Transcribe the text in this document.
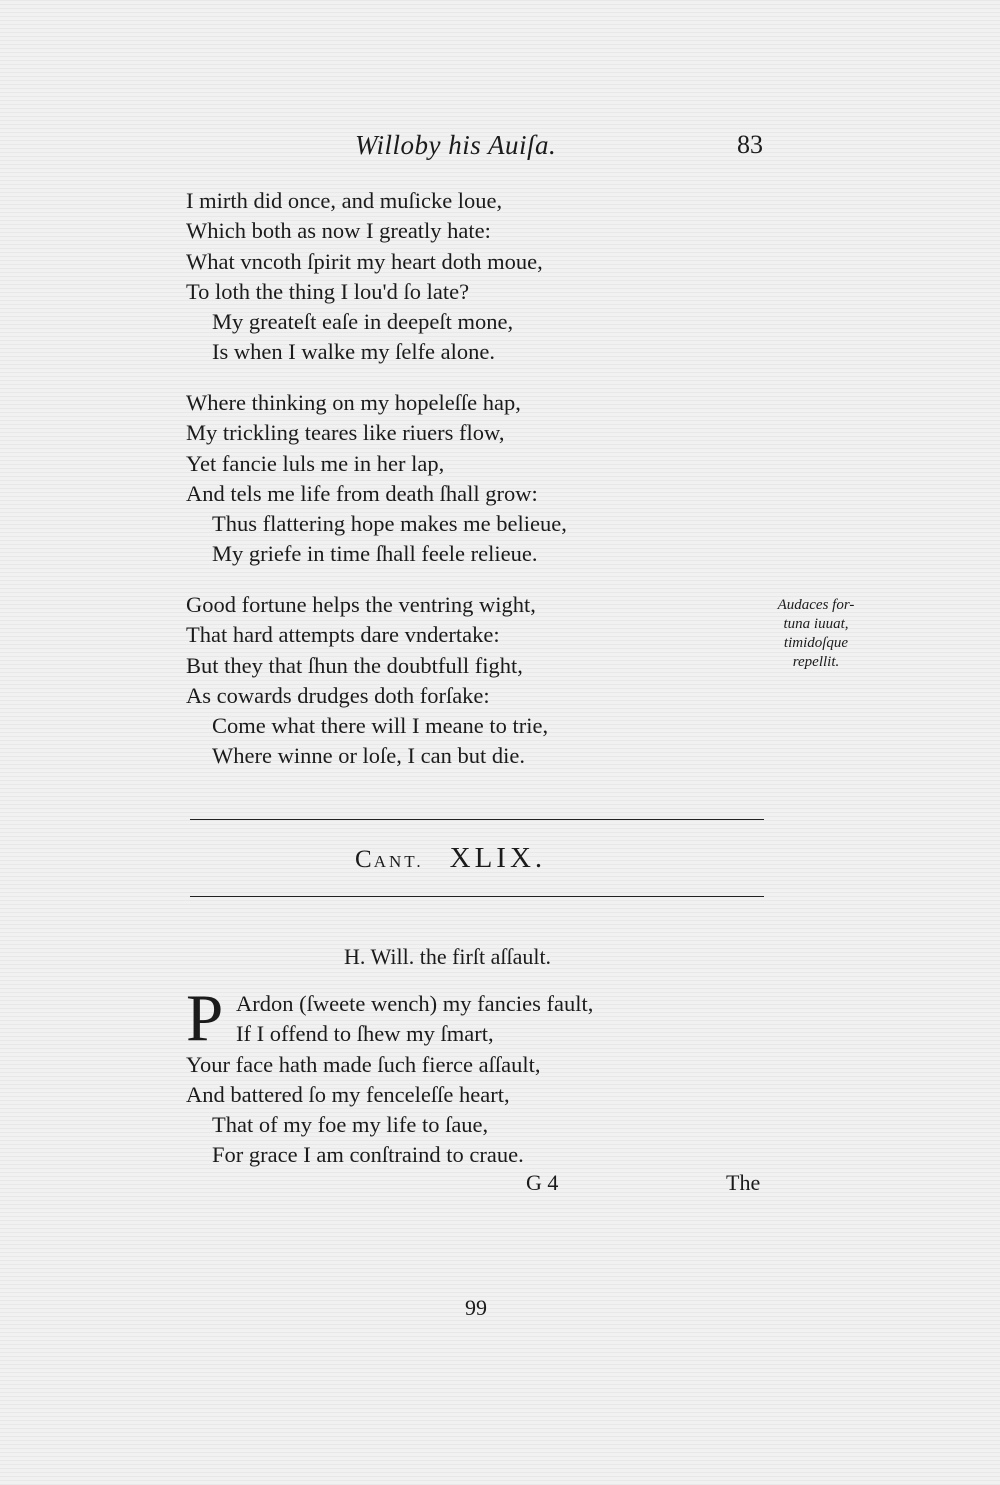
Willoby his Auiſa.	83
I mirth did once, and muſicke loue,
Which both as now I greatly hate:
What vncoth ſpirit my heart doth moue,
To loth the thing I lou'd ſo late?
My greateſt eaſe in deepeſt mone,
Is when I walke my ſelfe alone.
Where thinking on my hopeleſſe hap,
My trickling teares like riuers flow,
Yet fancie luls me in her lap,
And tels me life from death ſhall grow:
Thus flattering hope makes me belieue,
My griefe in time ſhall feele relieue.
Good fortune helps the ventring wight,
That hard attempts dare vndertake:
But they that ſhun the doubtfull fight,
As cowards drudges doth forſake:
Come what there will I meane to trie,
Where winne or loſe, I can but die.
Audaces for-
tuna iuuat,
timidoſque
repellit.
CANT. XLIX.
H. Will. the firſt aſſault.
P Ardon (ſweete wench) my fancies fault,
If I offend to ſhew my ſmart,
Your face hath made ſuch fierce aſſault,
And battered ſo my fenceleſſe heart,
That of my foe my life to ſaue,
For grace I am conſtraind to craue.
G 4	The
99
